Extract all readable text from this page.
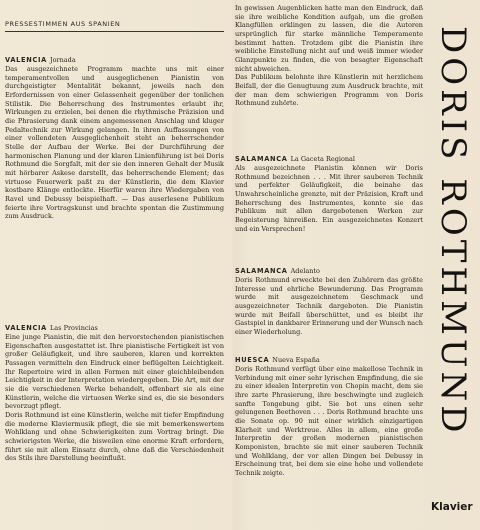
PRESSESTIMMEN AUS SPANIEN
VALENCIA Jornada
Das ausgezeichnete Programm machte uns mit einer temperamentvollen und ausgeglichenen Pianistin von durchgeistigter Mentalität bekannt, jeweils nach den Erfordernissen von einer Gelassenheit gegenüber der tonlichen Stilistik. Die Beherrschung des Instrumentes erlaubt ihr, Wirkungen zu erzielen, bei denen die rhythmische Präzision und die Phrasierung dank einem angemessenen Anschlag und kluger Pedaltechnik zur Wirkung gelangen. In ihren Auffassungen von einer vollendeten Ausgeglichenheit steht an beherrschender Stelle der Aufbau der Werke. Bei der Durchführung der harmonischen Planung und der klaren Linienführung ist bei Doris Rothmund die Sorgfalt, mit der sie den inneren Gehalt der Musik mit hörbarer Askese darstellt, das beherrschende Element; das virtuose Feuerwerk paßt zu der Künstlerin, die dem Klavier kostbare Klänge entlockte. Hierfür waren ihre Wiedergaben von Ravel und Debussy beispielhaft. — Das auserlesene Publikum feierte ihre Vortragskunst und brachte spontan die Zustimmung zum Ausdruck.
VALENCIA Las Provincias
Eine junge Pianistin, die mit den hervorstechenden pianistischen Eigenschaften ausgestattet ist. Ihre pianistische Fertigkeit ist von großer Geläufigkeit, und ihre sauberen, klaren und korrekten Passagen vermitteln den Eindruck einer beflügelten Leichtigkeit. Ihr Repertoire wird in allen Formen mit einer gleichbleibenden Leichtigkeit in der Interpretation wiedergegeben. Die Art, mit der sie die verschiedenen Werke behandelt, offenbart sie als eine Künstlerin, welche die virtuosen Werke sind es, die sie besonders bevorzugt pflegt.
Doris Rothmund ist eine Künstlerin, welche mit tiefer Empfindung die moderne Klaviermusik pflegt, die sie mit bemerkenswertem Wohlklang und ohne Schwierigkeiten zum Vortrag bringt. Die schwierigsten Werke, die bisweilen eine enorme Kraft erfordern, führt sie mit allem Einsatz durch, ohne daß die Verschiedenheit des Stils ihre Darstellung beeinflußt.
In gewissen Augenblicken hatte man den Eindruck, daß sie ihre weibliche Kondition aufgab, um die großen Klangfüllen erklingen zu lassen, die die Autoren ursprünglich für starke männliche Temperamente bestimmt hatten. Trotzdem gibt die Pianistin ihre weibliche Einstellung nicht auf und weiß immer wieder Glanzpunkte zu finden, die von besagter Eigenschaft nicht abweichen.
Das Publikum belohnte ihre Künstlerin mit herzlichem Beifall, der die Genugtuung zum Ausdruck brachte, mit der man dem schwierigen Programm von Doris Rothmund zuhörte.
SALAMANCA La Gaceta Regional
Als ausgezeichnete Pianistin können wir Doris Rothmund bezeichnen . . . Mit ihrer sauberen Technik und perfekter Geläufigkeit, die beinahe das Unwahrscheinliche grenzte, mit der Präzision, Kraft und Beherrschung des Instrumentes, konnte sie das Publikum mit allen dargebotenen Werken zur Begeisterung hinreißen. Ein ausgezeichnetes Konzert und ein Versprechen!
SALAMANCA Adelanto
Doris Rothmund erweckte bei den Zuhörern das größte Interesse und ehrliche Bewunderung. Das Programm wurde mit ausgezeichnetem Geschmack und ausgezeichneter Technik dargeboten. Die Pianistin wurde mit Beifall überschüttet, und es bleibt ihr Gastspiel in dankbarer Erinnerung und der Wunsch nach einer Wiederholung.
HUESCA Nueva España
Doris Rothmund verfügt über eine makellose Technik in Verbindung mit einer sehr lyrischen Empfindung, die sie zu einer idealen Interpretin von Chopin macht, dem sie ihre zarte Phrasierung, ihre beschwingte und zugleich sanfte Tongebung gibt. Sie bot uns einen sehr gelungenen Beethoven . . . Doris Rothmund brachte uns die Sonate op. 90 mit einer wirklich einzigartigen Klarheit und Werktreue. Alles in allem, eine große Interpretin der großen modernen pianistischen Komponisten, brachte sie mit einer sauberen Technik und Wohlklang, der vor allen Dingen bei Debussy in Erscheinung trat, bei dem sie eine hohe und vollendete Technik zeigte.
DORIS ROTHMUND
Klavier
